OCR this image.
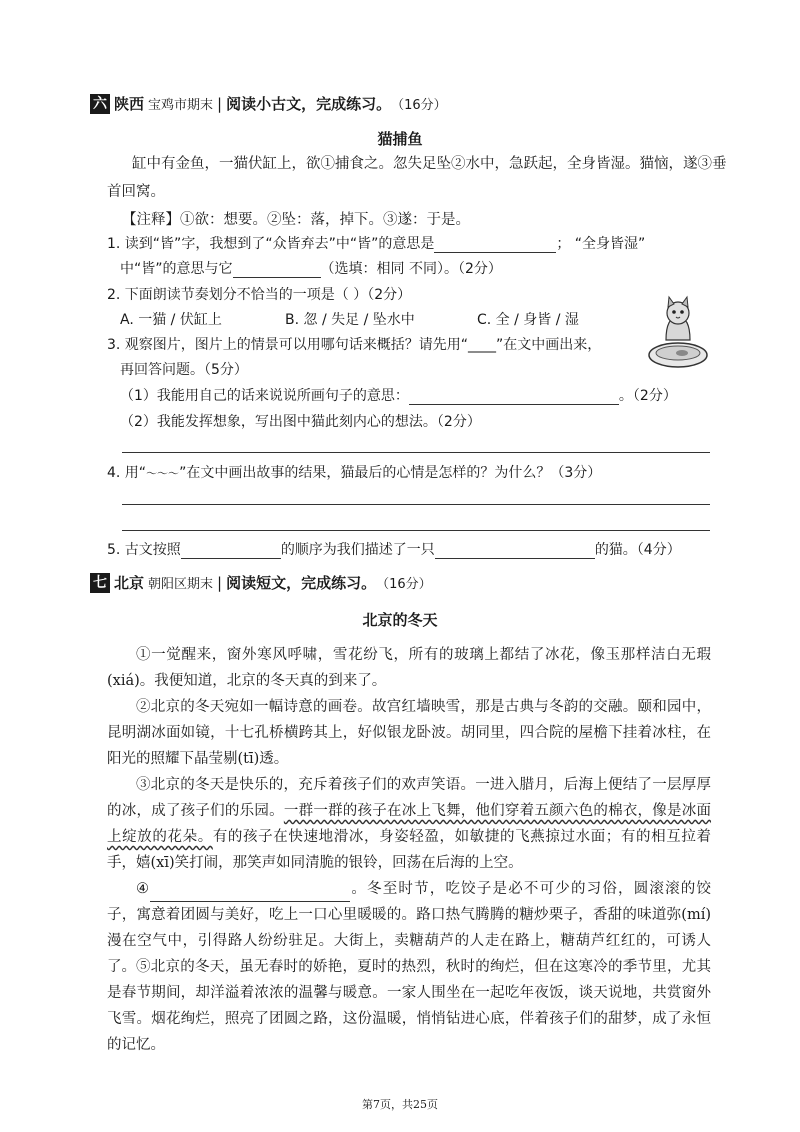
六 陕西 宝鸡市期末 | 阅读小古文，完成练习。 （16分）
猫捕鱼
缸中有金鱼，一猫伏缸上，欲①捕食之。忽失足坠②水中，急跃起，全身皆湿。猫恼，遂③垂
首回窝。
【注释】①欲：想要。②坠：落，掉下。③遂：于是。
1. 读到“皆”字，我想到了“众皆弃去”中“皆”的意思是	； “全身皆湿”
中“皆”的意思与它	（选填：相同 不同）。（2分）
2. 下面朗读节奏划分不恰当的一项是（ ）（2分）
A. 一猫 / 伏缸上	B. 忽 / 失足 / 坠水中	C. 全 / 身皆 / 湿
3. 观察图片，图片上的情景可以用哪句话来概括？请先用“____”在文中画出来，
再回答问题。（5分）
（1）我能用自己的话来说说所画句子的意思：	。（2分）
（2）我能发挥想象，写出图中猫此刻内心的想法。（2分）
4. 用“～～～”在文中画出故事的结果，猫最后的心情是怎样的？为什么？（3分）
5. 古文按照	的顺序为我们描述了一只	的猫。（4分）
七 北京 朝阳区期末 | 阅读短文，完成练习。 （16分）
北京的冬天
①一觉醒来，窗外寒风呼啸，雪花纷飞，所有的玻璃上都结了冰花，像玉那样洁白无瑕(xiá)。我便知道，北京的冬天真的到来了。
②北京的冬天宛如一幅诗意的画卷。故宫红墙映雪，那是古典与冬韵的交融。颐和园中，昆明湖冰面如镜，十七孔桥横跨其上，好似银龙卧波。胡同里，四合院的屋檐下挂着冰柱，在阳光的照耀下晶莹剔(tī)透。
③北京的冬天是快乐的，充斥着孩子们的欢声笑语。一进入腊月，后海上便结了一层厚厚的冰，成了孩子们的乐园。一群一群的孩子在冰上飞舞，他们穿着五颜六色的棉衣，像是冰面上绽放的花朵。有的孩子在快速地滑冰，身姿轻盈，如敏捷的飞燕掠过水面；有的相互拉着手，嬉(xī)笑打闹，那笑声如同清脆的银铃，回荡在后海的上空。
④	。冬至时节，吃饺子是必不可少的习俗，圆滚滚的饺子，寓意着团圆与美好，吃上一口心里暖暖的。路口热气腾腾的糖炒栗子，香甜的味道弥(mí)漫在空气中，引得路人纷纷驻足。大街上，卖糖葫芦的人走在路上，糖葫芦红红的，可诱人了。 ⑤北京的冬天，虽无春时的娇艳，夏时的热烈，秋时的绚烂，但在这寒冷的季节里，尤其是春节期间，却洋溢着浓浓的温馨与暖意。一家人围坐在一起吃年夜饭，谈天说地，共赏窗外飞雪。烟花绚烂，照亮了团圆之路，这份温暖，悄悄钻进心底，伴着孩子们的甜梦，成了永恒的记忆。
第7页，共25页
